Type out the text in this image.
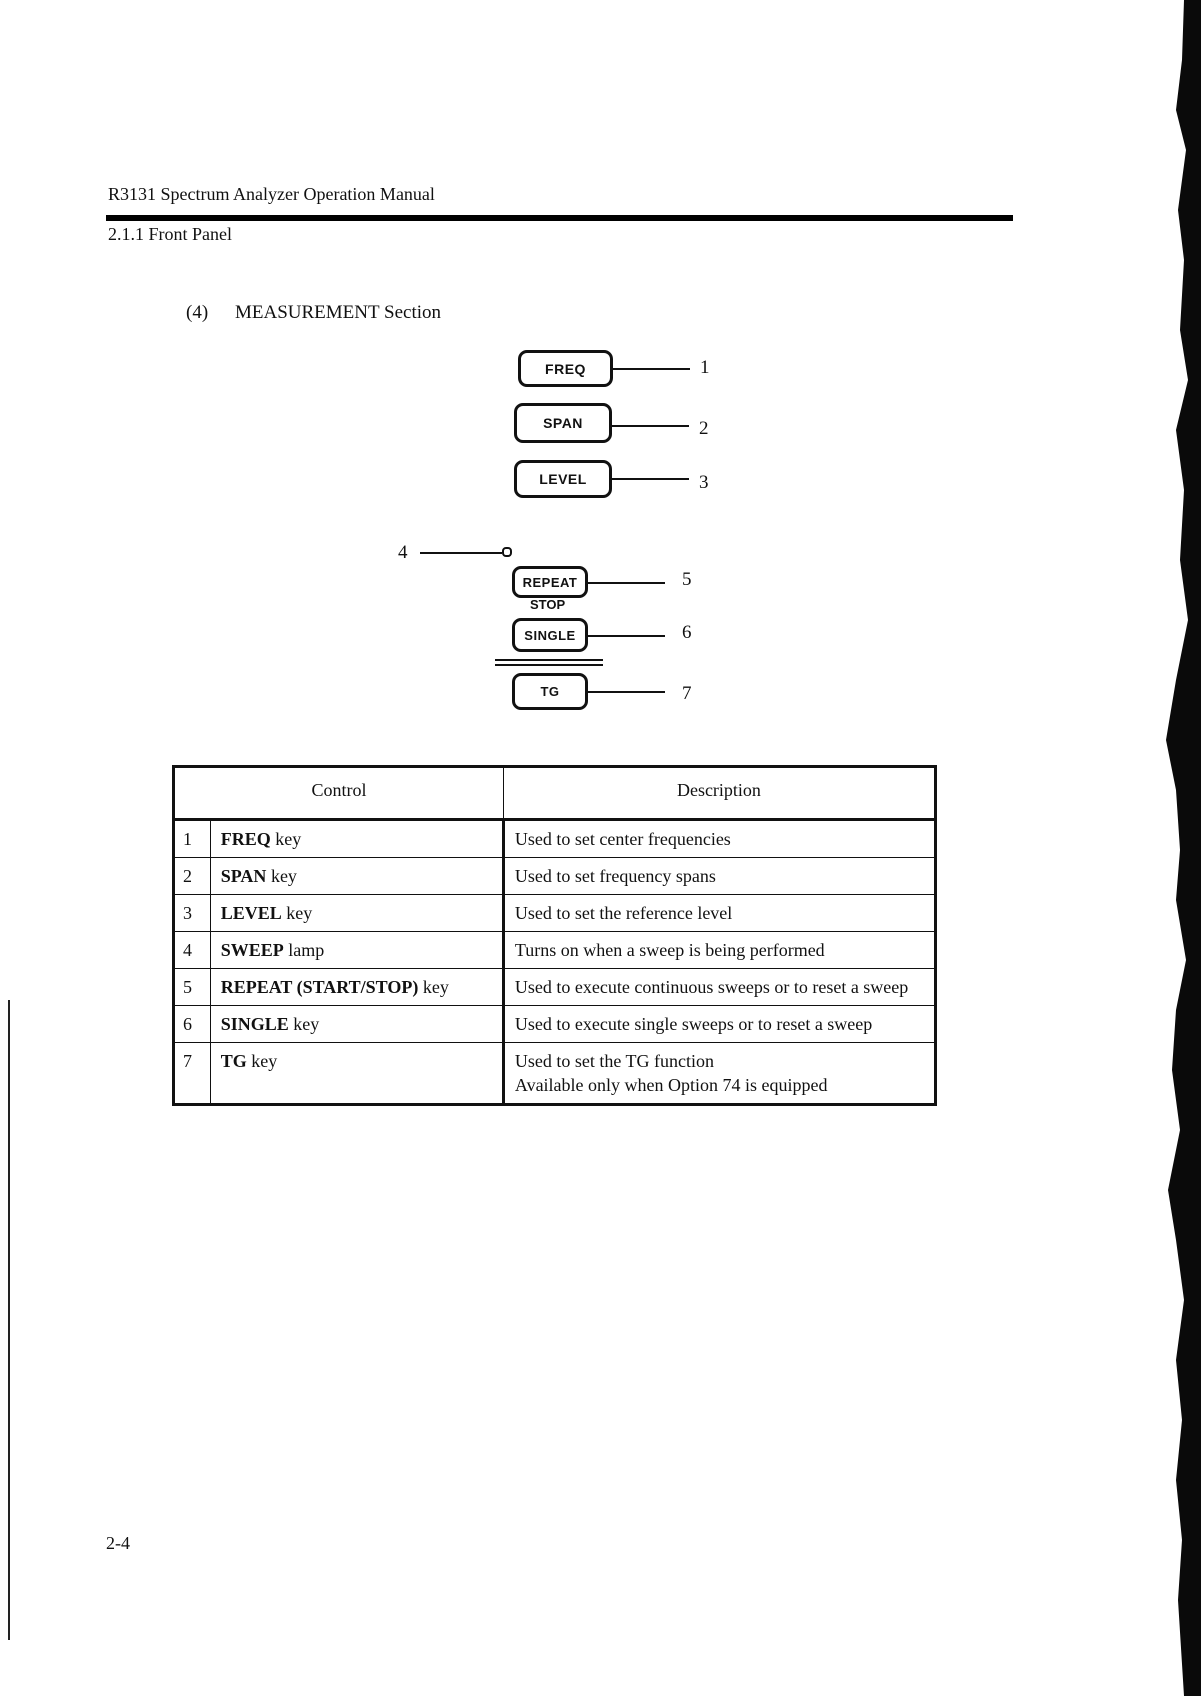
R3131 Spectrum Analyzer Operation Manual
2.1.1 Front Panel
(4) MEASUREMENT Section
FREQ	1
SPAN	2
LEVEL	3
4
REPEAT
STOP
5
SINGLE	6
TG	7
Control		Description
1	FREQ key	Used to set center frequencies

2	SPAN key	Used to set frequency spans

3	LEVEL key	Used to set the reference level

4	SWEEP lamp	Turns on when a sweep is being performed

5	REPEAT (START/STOP) key	Used to execute continuous sweeps or to reset a sweep

6	SINGLE key	Used to execute single sweeps or to reset a sweep

7	TG key	Used to set the TG function
Available only when Option 74 is equipped
2-4
